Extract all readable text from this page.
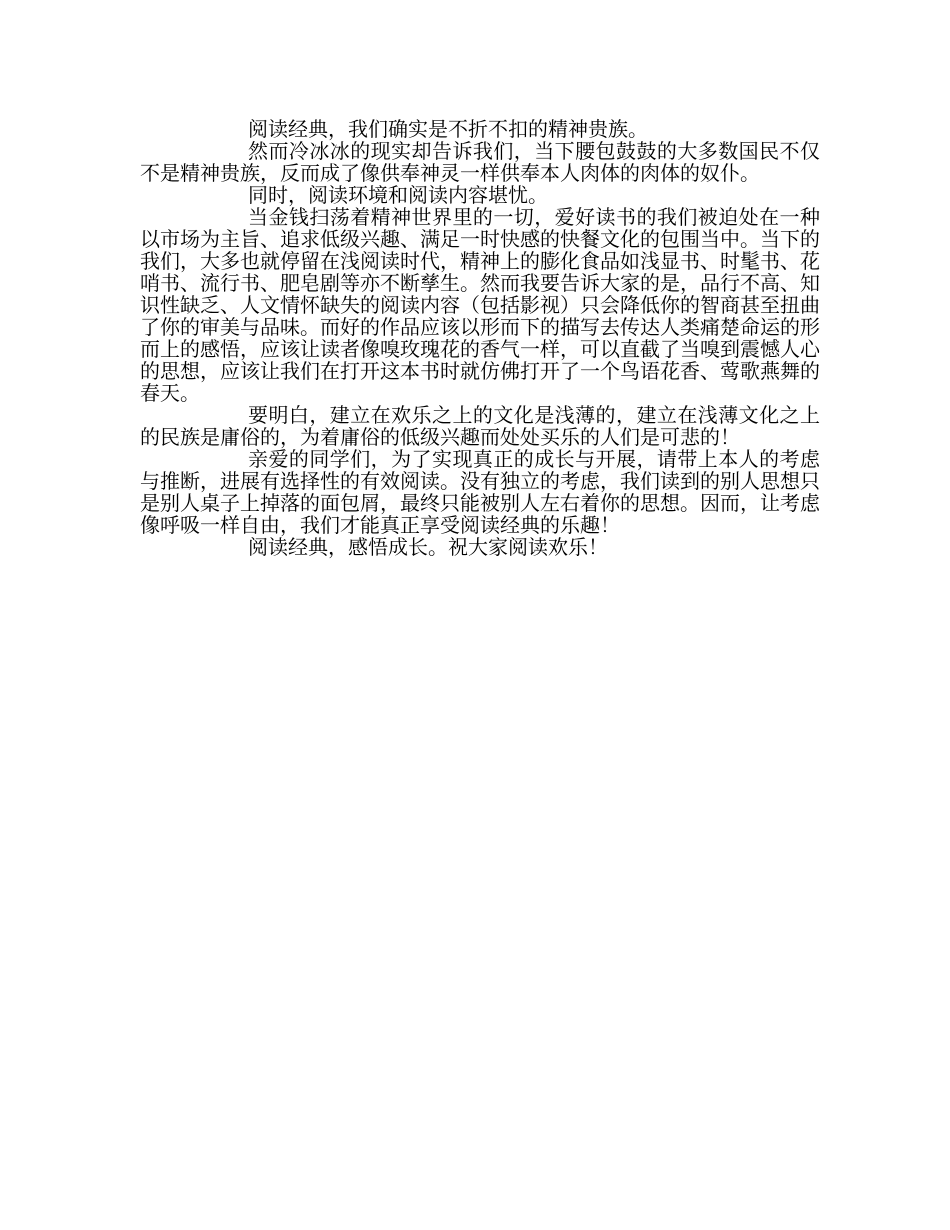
阅读经典，我们确实是不折不扣的精神贵族。

然而冷冰冰的现实却告诉我们，当下腰包鼓鼓的大多数国民不仅不是精神贵族，反而成了像供奉神灵一样供奉本人肉体的肉体的奴仆。

同时，阅读环境和阅读内容堪忧。

当金钱扫荡着精神世界里的一切，爱好读书的我们被迫处在一种以市场为主旨、追求低级兴趣、满足一时快感的快餐文化的包围当中。当下的我们，大多也就停留在浅阅读时代，精神上的膨化食品如浅显书、时髦书、花哨书、流行书、肥皂剧等亦不断孳生。然而我要告诉大家的是，品行不高、知识性缺乏、人文情怀缺失的阅读内容（包括影视）只会降低你的智商甚至扭曲了你的审美与品味。而好的作品应该以形而下的描写去传达人类痛楚命运的形而上的感悟，应该让读者像嗅玫瑰花的香气一样，可以直截了当嗅到震憾人心的思想，应该让我们在打开这本书时就仿佛打开了一个鸟语花香、莺歌燕舞的春天。

要明白，建立在欢乐之上的文化是浅薄的，建立在浅薄文化之上的民族是庸俗的，为着庸俗的低级兴趣而处处买乐的人们是可悲的！

亲爱的同学们，为了实现真正的成长与开展，请带上本人的考虑与推断，进展有选择性的有效阅读。没有独立的考虑，我们读到的别人思想只是别人桌子上掉落的面包屑，最终只能被别人左右着你的思想。因而，让考虑像呼吸一样自由，我们才能真正享受阅读经典的乐趣！

阅读经典，感悟成长。祝大家阅读欢乐！
